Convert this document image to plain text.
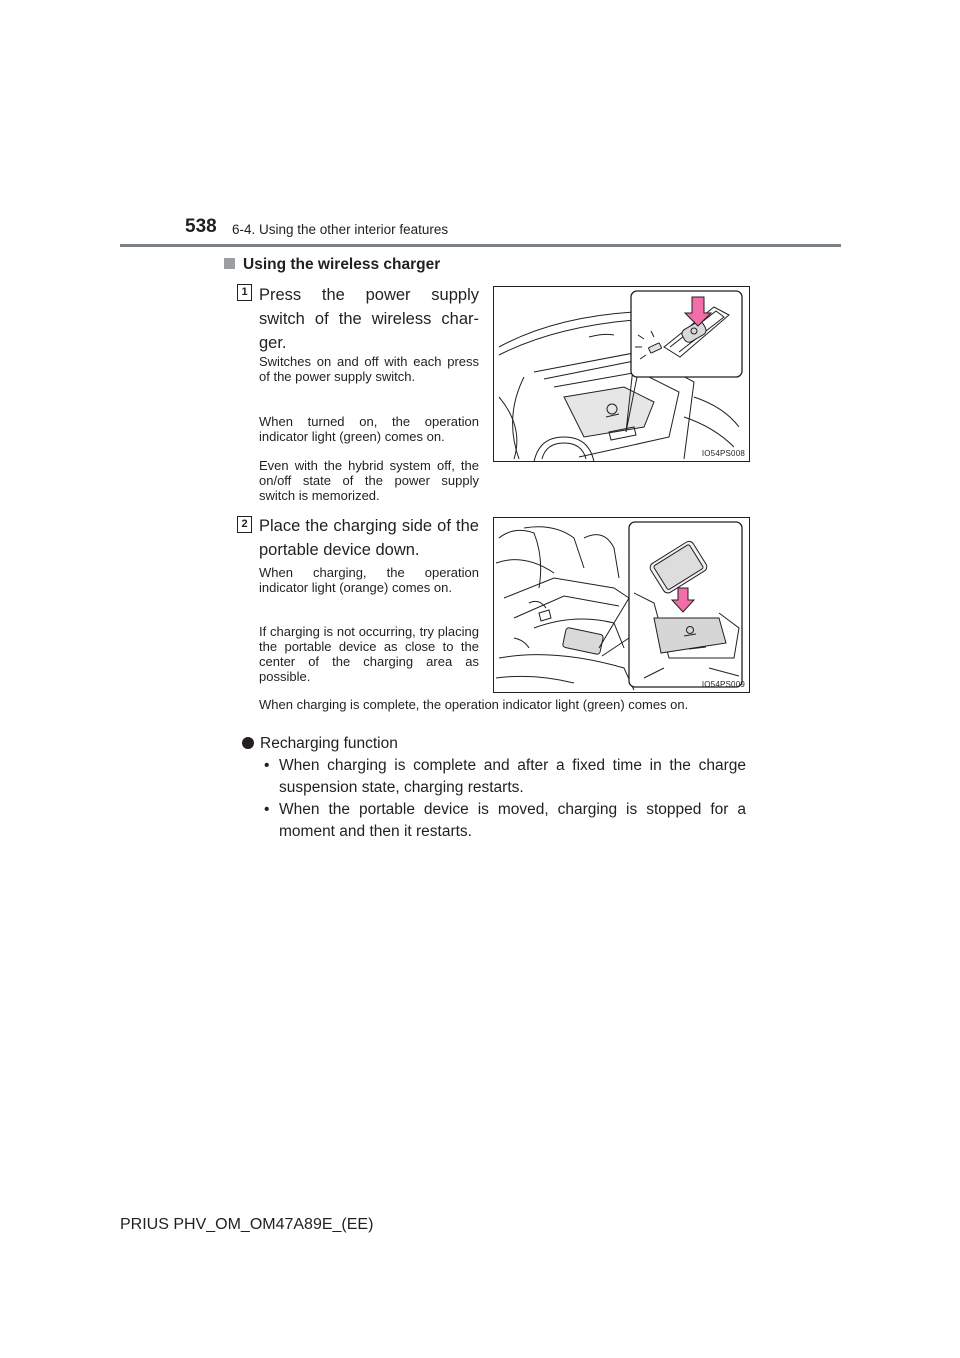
538 6-4. Using the other interior features
Using the wireless charger
1 Press the power supply switch of the wireless char-ger.
Switches on and off with each press of the power supply switch.
When turned on, the operation indicator light (green) comes on.
Even with the hybrid system off, the on/off state of the power supply switch is memorized.
IO54PS008
2 Place the charging side of the portable device down.
When charging, the operation indicator light (orange) comes on.
If charging is not occurring, try placing the portable device as close to the center of the charging area as possible.
IO54PS009
When charging is complete, the operation indicator light (green) comes on.
Recharging function
• When charging is complete and after a fixed time in the charge suspension state, charging restarts.
• When the portable device is moved, charging is stopped for a moment and then it restarts.
PRIUS PHV_OM_OM47A89E_(EE)
